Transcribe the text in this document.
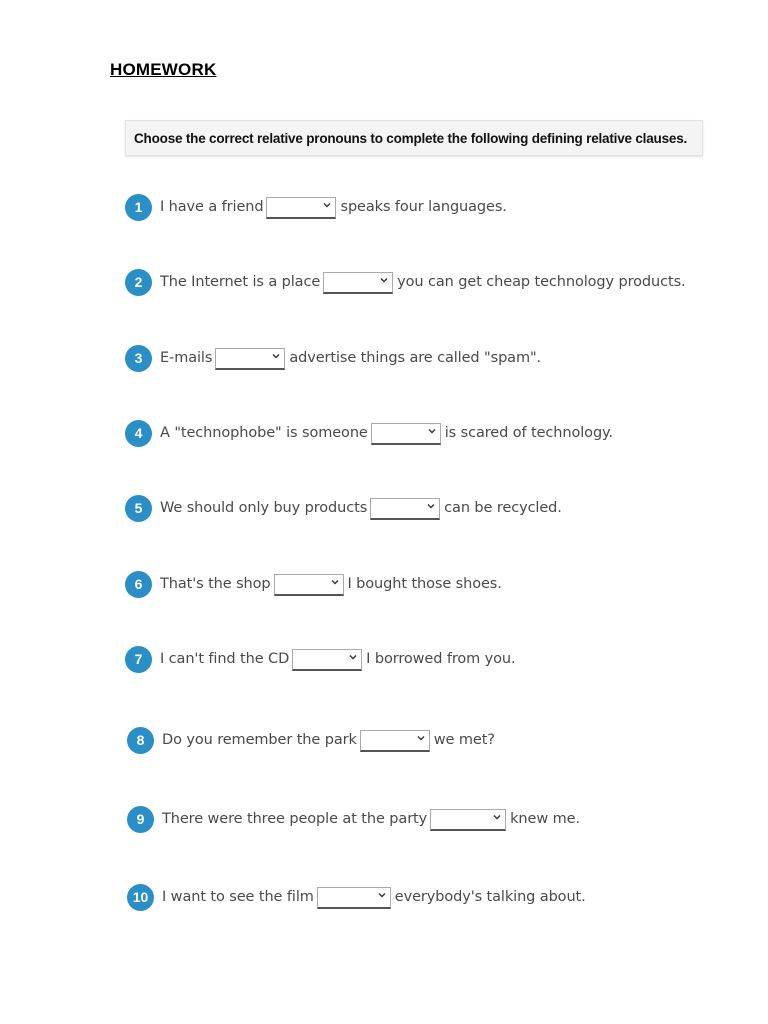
HOMEWORK
Choose the correct relative pronouns to complete the following defining relative clauses.
1	I have a friend	speaks four languages.
2	The Internet is a place	you can get cheap technology products.
3	E-mails	advertise things are called "spam".
4	A "technophobe" is someone	is scared of technology.
5	We should only buy products	can be recycled.
6	That's the shop	I bought those shoes.
7	I can't find the CD	I borrowed from you.
8	Do you remember the park	we met?
9	There were three people at the party	knew me.
10 I want to see the film	everybody's talking about.
